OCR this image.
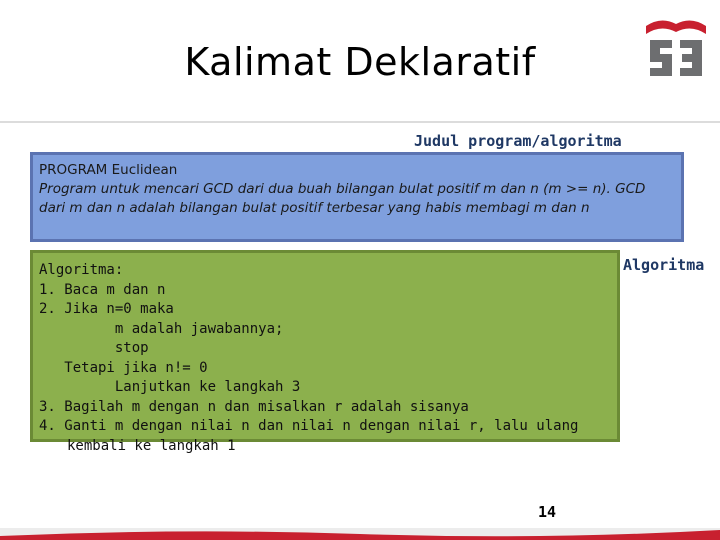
Kalimat Deklaratif
Judul program/algoritma
PROGRAM Euclidean
Program untuk mencari GCD dari dua buah bilangan bulat positif m dan n (m >= n). GCD dari m dan n adalah bilangan bulat positif terbesar yang habis membagi m dan n
Algoritma
Algoritma:
1. Baca m dan n
2. Jika n=0 maka
m adalah jawabannya;
stop
Tetapi jika n!= 0
Lanjutkan ke langkah 3
3. Bagilah m dengan n dan misalkan r adalah sisanya
4. Ganti m dengan nilai n dan nilai n dengan nilai r, lalu ulang kembali ke langkah 1
14
